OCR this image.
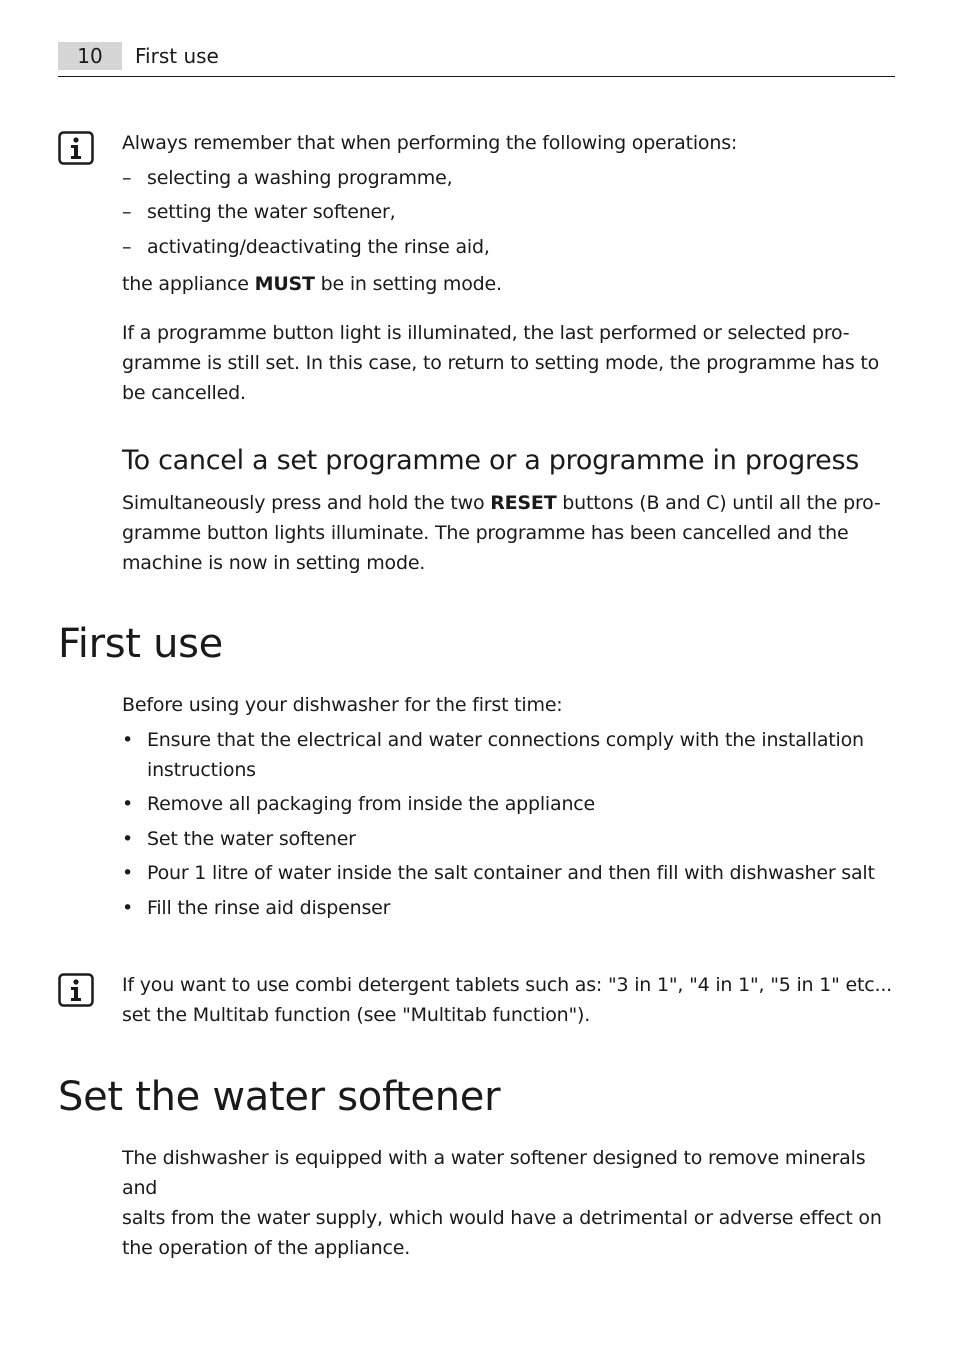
10	First use
Always remember that when performing the following operations:
– selecting a washing programme,
– setting the water softener,
– activating/deactivating the rinse aid,
the appliance MUST be in setting mode.
If a programme button light is illuminated, the last performed or selected pro-
gramme is still set. In this case, to return to setting mode, the programme has to
be cancelled.
To cancel a set programme or a programme in progress
Simultaneously press and hold the two RESET buttons (B and C) until all the pro-
gramme button lights illuminate. The programme has been cancelled and the
machine is now in setting mode.
First use
Before using your dishwasher for the first time:
• Ensure that the electrical and water connections comply with the installation
instructions
• Remove all packaging from inside the appliance
• Set the water softener
• Pour 1 litre of water inside the salt container and then fill with dishwasher salt
• Fill the rinse aid dispenser
If you want to use combi detergent tablets such as: "3 in 1", "4 in 1", "5 in 1" etc...
set the Multitab function (see "Multitab function").
Set the water softener
The dishwasher is equipped with a water softener designed to remove minerals and
salts from the water supply, which would have a detrimental or adverse effect on
the operation of the appliance.
